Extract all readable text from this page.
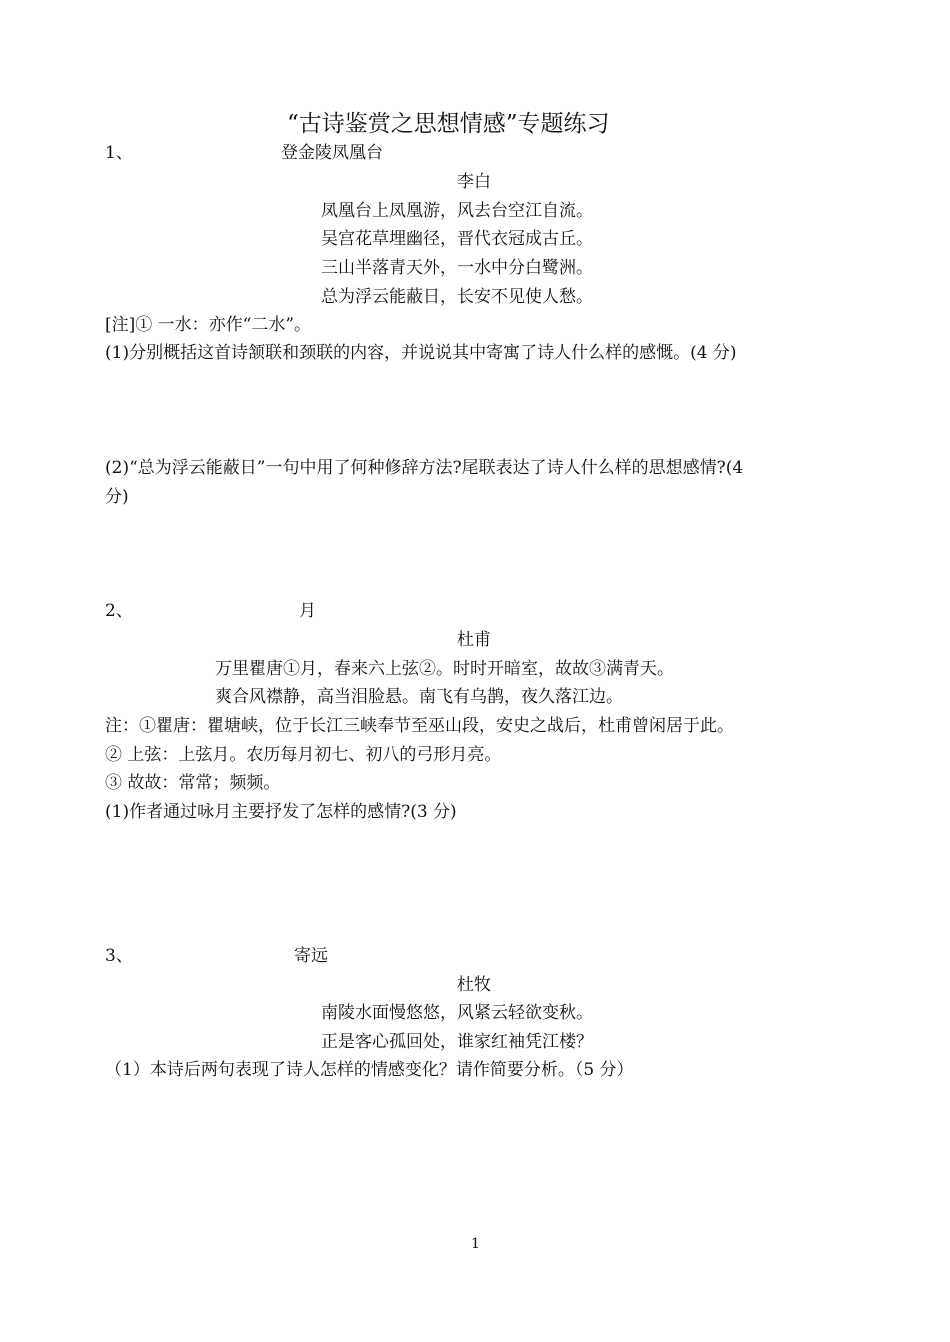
“古诗鉴赏之思想情感”专题练习
1、	登金陵凤凰台
李白
凤凰台上凤凰游，风去台空江自流。
吴宫花草埋幽径，晋代衣冠成古丘。
三山半落青天外，一水中分白鹭洲。
总为浮云能蔽日，长安不见使人愁。
[注]① 一水：亦作“二水”。
(1)分别概括这首诗颔联和颈联的内容，并说说其中寄寓了诗人什么样的感慨。(4 分)
(2)“总为浮云能蔽日”一句中用了何种修辞方法?尾联表达了诗人什么样的思想感情?(4
分)
2、	月
杜甫
万里瞿唐①月，春来六上弦②。时时开暗室，故故③满青天。
爽合风襟静，高当泪脸悬。南飞有乌鹊，夜久落江边。
注：①瞿唐：瞿塘峡，位于长江三峡奉节至巫山段，安史之战后，杜甫曾闲居于此。
② 上弦：上弦月。农历每月初七、初八的弓形月亮。
③ 故故：常常；频频。
(1)作者通过咏月主要抒发了怎样的感情?(3 分)
3、	寄远
杜牧
南陵水面慢悠悠，风紧云轻欲变秋。
正是客心孤回处，谁家红袖凭江楼？
（1）本诗后两句表现了诗人怎样的情感变化？请作简要分析。（5 分）
1
